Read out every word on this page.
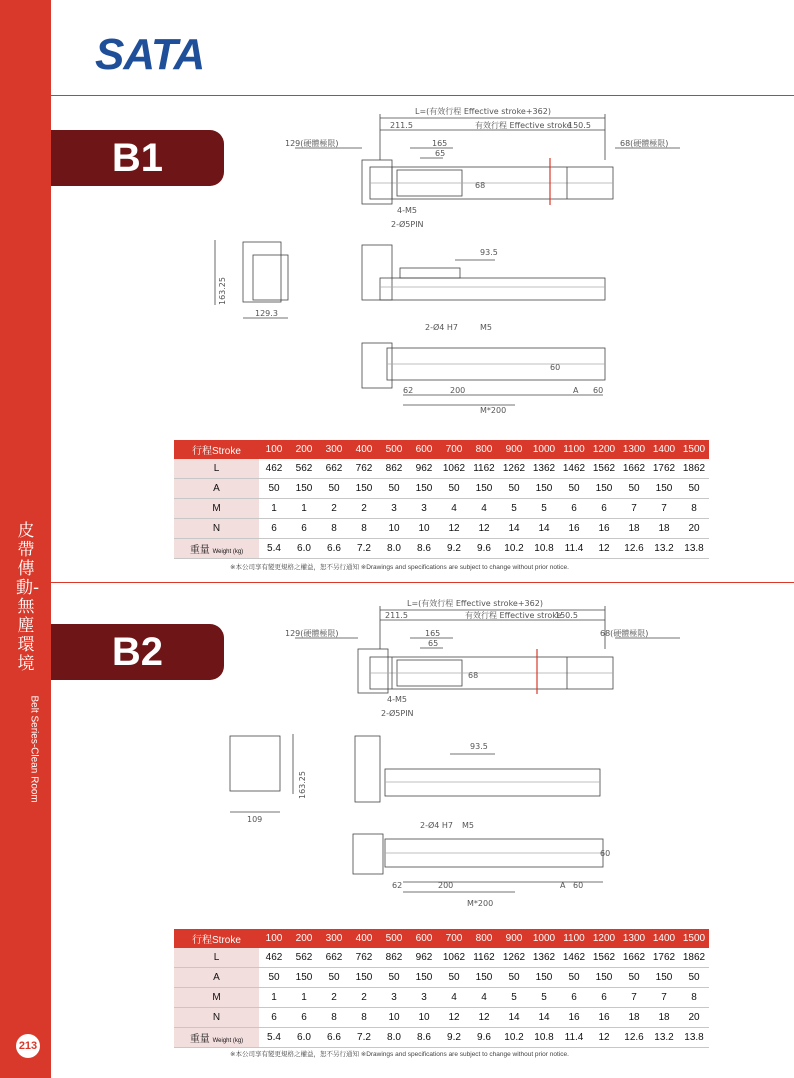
皮帶傳動-無塵環境
Belt Series-Clean Room
213
SATA
B1
L=(有效行程 Effective stroke+362)
211.5	有效行程 Effective stroke
150.5
129(硬體極限)	68(硬體極限)
165
65
68
4-M5
2-Ø5PIN
163.25
129.3
93.5
2-Ø4 H7	M5
60
62	200	A 60
M*200
行程Stroke	100	200	300	400	500	600	700	800	900	1000	1100	1200	1300	1400	1500
L	462	562	662	762	862	962	1062	1162	1262	1362	1462	1562	1662	1762	1862
A	50	150	50	150	50	150	50	150	50	150	50	150	50	150	50
M	1	1	2	2	3	3	4	4	5	5	6	6	7	7	8
N	6	6	8	8	10	10	12	12	14	14	16	16	18	18	20
重量 Weight (kg)	5.4	6.0	6.6	7.2	8.0	8.6	9.2	9.6	10.2	10.8	11.4	12	12.6	13.2	13.8
※本公司享有變更規格之權益，恕不另行通知 ※Drawings and specifications are subject to change without prior notice.
B2
L=(有效行程 Effective stroke+362)
211.5	有效行程 Effective stroke
150.5
129(硬體極限)	68(硬體極限)
165
65
68
4-M5
2-Ø5PIN
163.25
109
93.5
2-Ø4 H7 M5
60
62	200	A 60
M*200
行程Stroke	100	200	300	400	500	600	700	800	900	1000	1100	1200	1300	1400	1500
L	462	562	662	762	862	962	1062	1162	1262	1362	1462	1562	1662	1762	1862
A	50	150	50	150	50	150	50	150	50	150	50	150	50	150	50
M	1	1	2	2	3	3	4	4	5	5	6	6	7	7	8
N	6	6	8	8	10	10	12	12	14	14	16	16	18	18	20
重量 Weight (kg)	5.4	6.0	6.6	7.2	8.0	8.6	9.2	9.6	10.2	10.8	11.4	12	12.6	13.2	13.8
※本公司享有變更規格之權益，恕不另行通知 ※Drawings and specifications are subject to change without prior notice.
